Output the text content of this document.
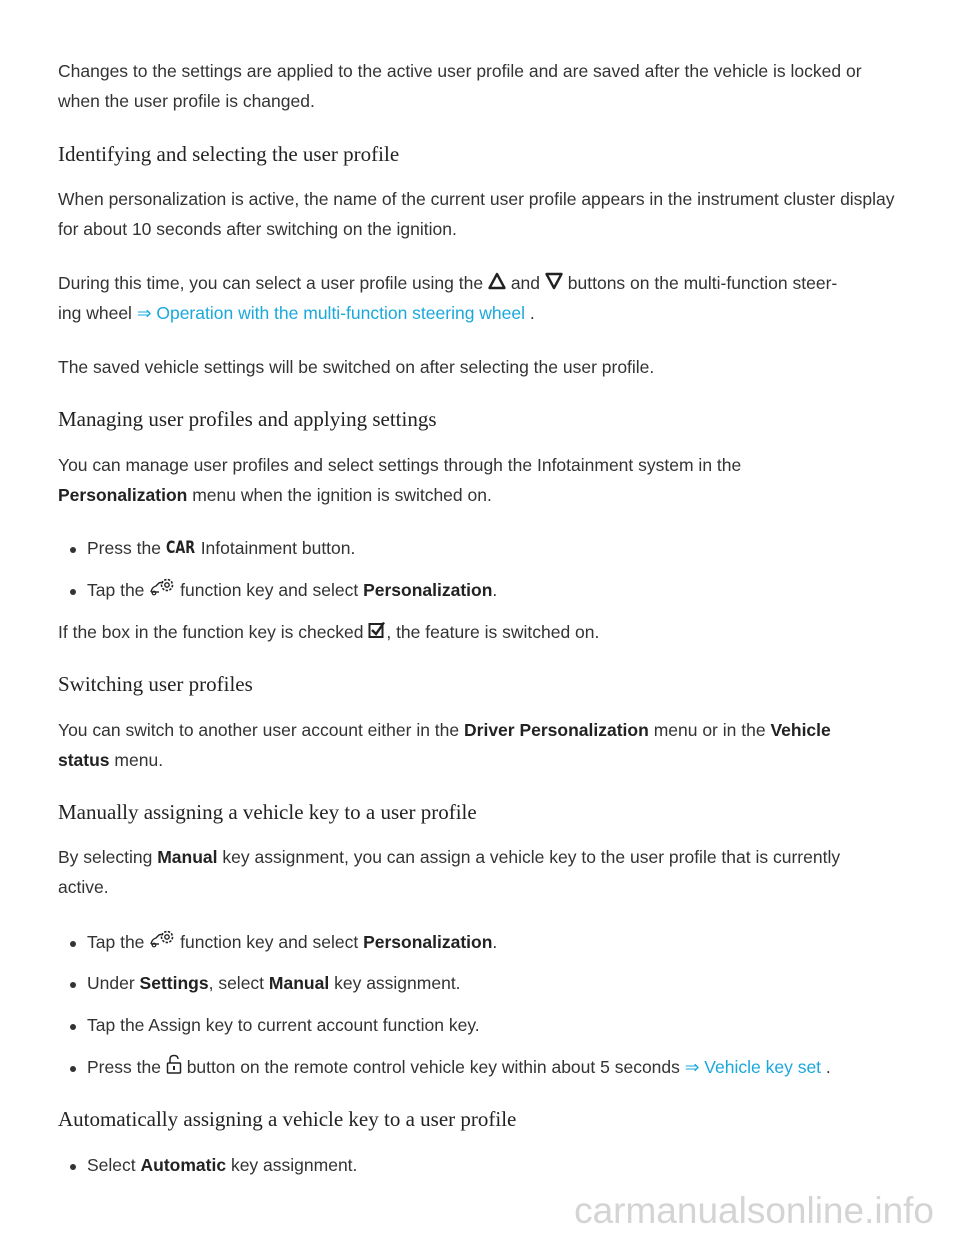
Changes to the settings are applied to the active user profile and are saved after the vehicle is locked or when the user profile is changed.

Identifying and selecting the user profile

When personalization is active, the name of the current user profile appears in the instrument cluster display for about 10 seconds after switching on the ignition.

During this time, you can select a user profile using the and buttons on the multi-function steer-
ing wheel ⇒ Operation with the multi-function steering wheel .

The saved vehicle settings will be switched on after selecting the user profile.

Managing user profiles and applying settings

You can manage user profiles and select settings through the Infotainment system in the
Personalization menu when the ignition is switched on.

Press the CAR Infotainment button.
Tap the function key and select Personalization.

If the box in the function key is checked , the feature is switched on.

Switching user profiles

You can switch to another user account either in the Driver Personalization menu or in the Vehicle
status menu.

Manually assigning a vehicle key to a user profile

By selecting Manual key assignment, you can assign a vehicle key to the user profile that is currently
active.

Tap the function key and select Personalization.
Under Settings, select Manual key assignment.
Tap the Assign key to current account function key.
Press the button on the remote control vehicle key within about 5 seconds ⇒ Vehicle key set .
Automatically assigning a vehicle key to a user profile
Select Automatic key assignment.
carmanualsonline.info
